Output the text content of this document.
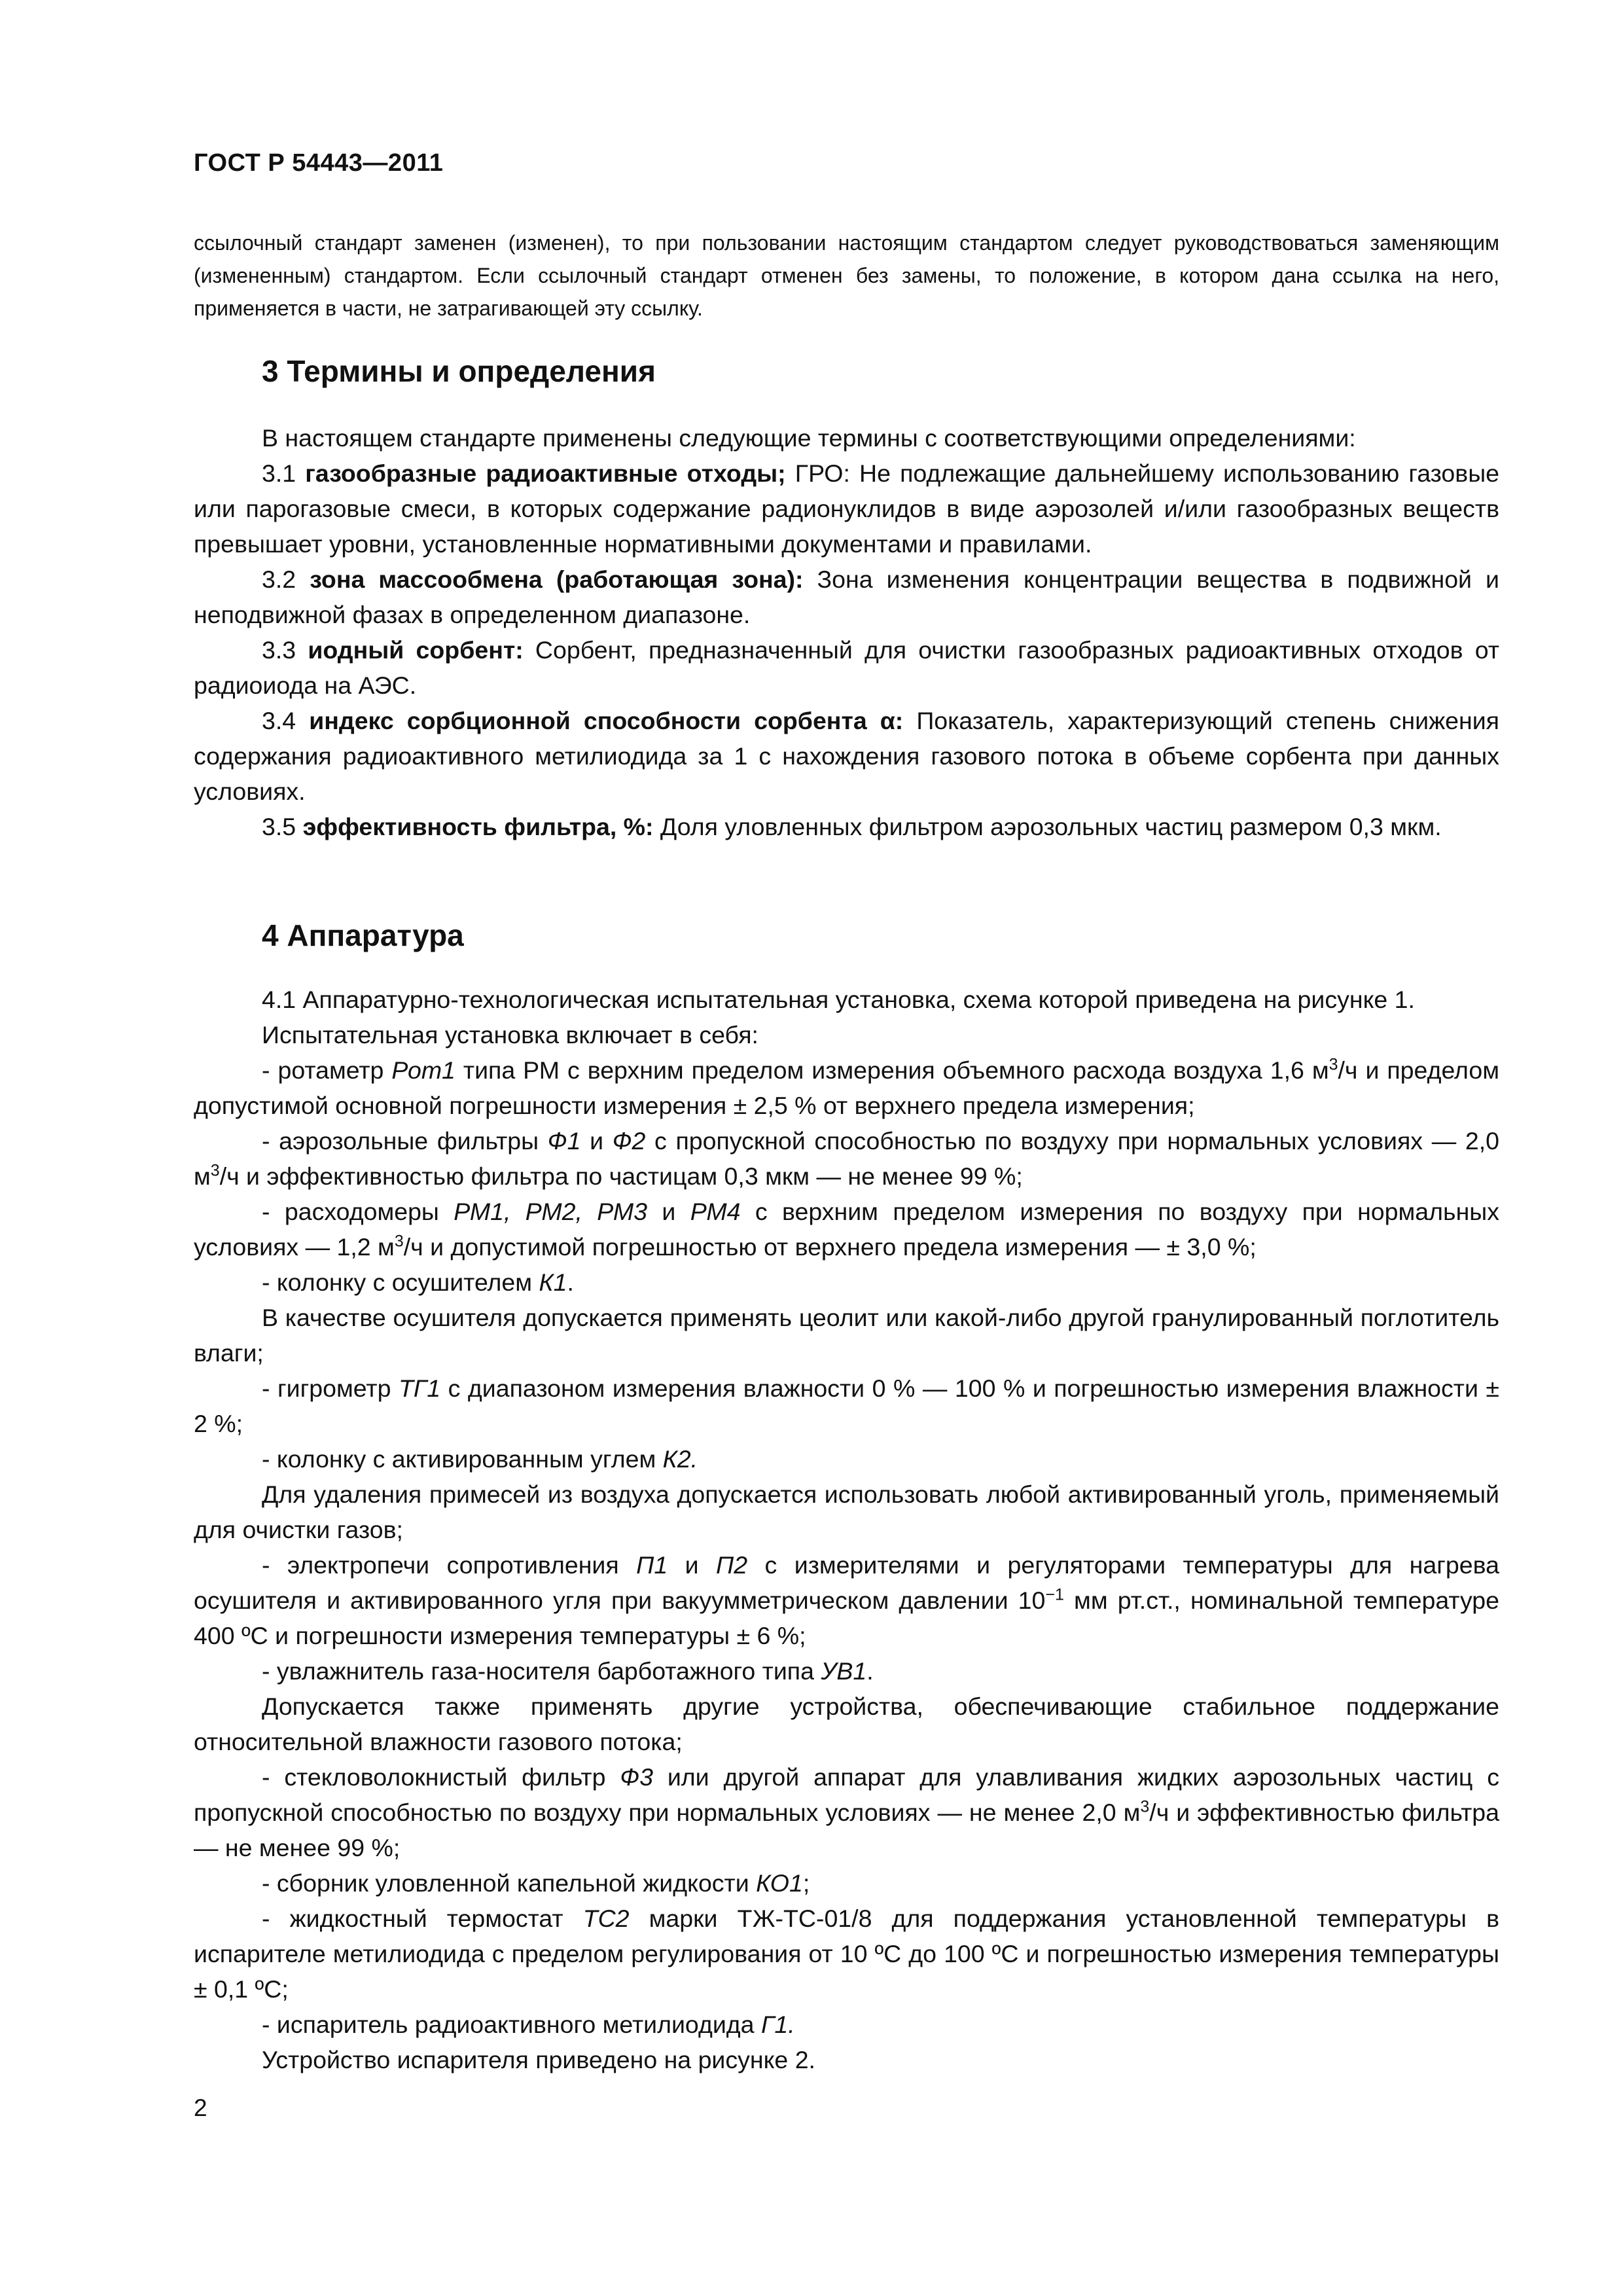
ГОСТ Р 54443—2011
ссылочный стандарт заменен (изменен), то при пользовании настоящим стандартом следует руководствоваться заменяющим (измененным) стандартом. Если ссылочный стандарт отменен без замены, то положение, в котором дана ссылка на него, применяется в части, не затрагивающей эту ссылку.
3 Термины и определения

В настоящем стандарте применены следующие термины с соответствующими определениями:

3.1 газообразные радиоактивные отходы; ГРО: Не подлежащие дальнейшему использованию газовые или парогазовые смеси, в которых содержание радионуклидов в виде аэрозолей и/или газообразных веществ превышает уровни, установленные нормативными документами и правилами.

3.2 зона массообмена (работающая зона): Зона изменения концентрации вещества в подвижной и неподвижной фазах в определенном диапазоне.

3.3 иодный сорбент: Сорбент, предназначенный для очистки газообразных радиоактивных отходов от радиоиода на АЭС.

3.4 индекс сорбционной способности сорбента α: Показатель, характеризующий степень снижения содержания радиоактивного метилиодида за 1 с нахождения газового потока в объеме сорбента при данных условиях.

3.5 эффективность фильтра, %: Доля уловленных фильтром аэрозольных частиц размером 0,3 мкм.

4 Аппаратура

4.1 Аппаратурно-технологическая испытательная установка, схема которой приведена на рисунке 1.

Испытательная установка включает в себя:

- ротаметр Рот1 типа РМ с верхним пределом измерения объемного расхода воздуха 1,6 $м^3/ч$ и пределом допустимой основной погрешности измерения ± 2,5 % от верхнего предела измерения;

- аэрозольные фильтры Ф1 и Ф2 с пропускной способностью по воздуху при нормальных условиях — 2,0 $м^3/ч$ и эффективностью фильтра по частицам 0,3 мкм — не менее 99 %;

- расходомеры РМ1, РМ2, РМ3 и РМ4 с верхним пределом измерения по воздуху при нормальных условиях — 1,2 $м^3/ч$ и допустимой погрешностью от верхнего предела измерения — ± 3,0 %;

- колонку с осушителем К1.

В качестве осушителя допускается применять цеолит или какой-либо другой гранулированный поглотитель влаги;

- гигрометр ТГ1 с диапазоном измерения влажности 0 % — 100 % и погрешностью измерения влажности ± 2 %;

- колонку с активированным углем К2.

Для удаления примесей из воздуха допускается использовать любой активированный уголь, применяемый для очистки газов;

- электропечи сопротивления П1 и П2 с измерителями и регуляторами температуры для нагрева осушителя и активированного угля при вакуумметрическом давлении $10^{-1}$ мм рт.ст., номинальной температуре 400 ºС и погрешности измерения температуры ± 6 %;

- увлажнитель газа-носителя барботажного типа УВ1.

Допускается также применять другие устройства, обеспечивающие стабильное поддержание относительной влажности газового потока;

- стекловолокнистый фильтр Ф3 или другой аппарат для улавливания жидких аэрозольных частиц с пропускной способностью по воздуху при нормальных условиях — не менее 2,0 $м^3/ч$ и эффективностью фильтра — не менее 99 %;

- сборник уловленной капельной жидкости КО1;

- жидкостный термостат ТС2 марки ТЖ-ТС-01/8 для поддержания установленной температуры в испарителе метилиодида с пределом регулирования от 10 ºС до 100 ºС и погрешностью измерения температуры ± 0,1 ºС;

- испаритель радиоактивного метилиодида Г1.

Устройство испарителя приведено на рисунке 2.

2
